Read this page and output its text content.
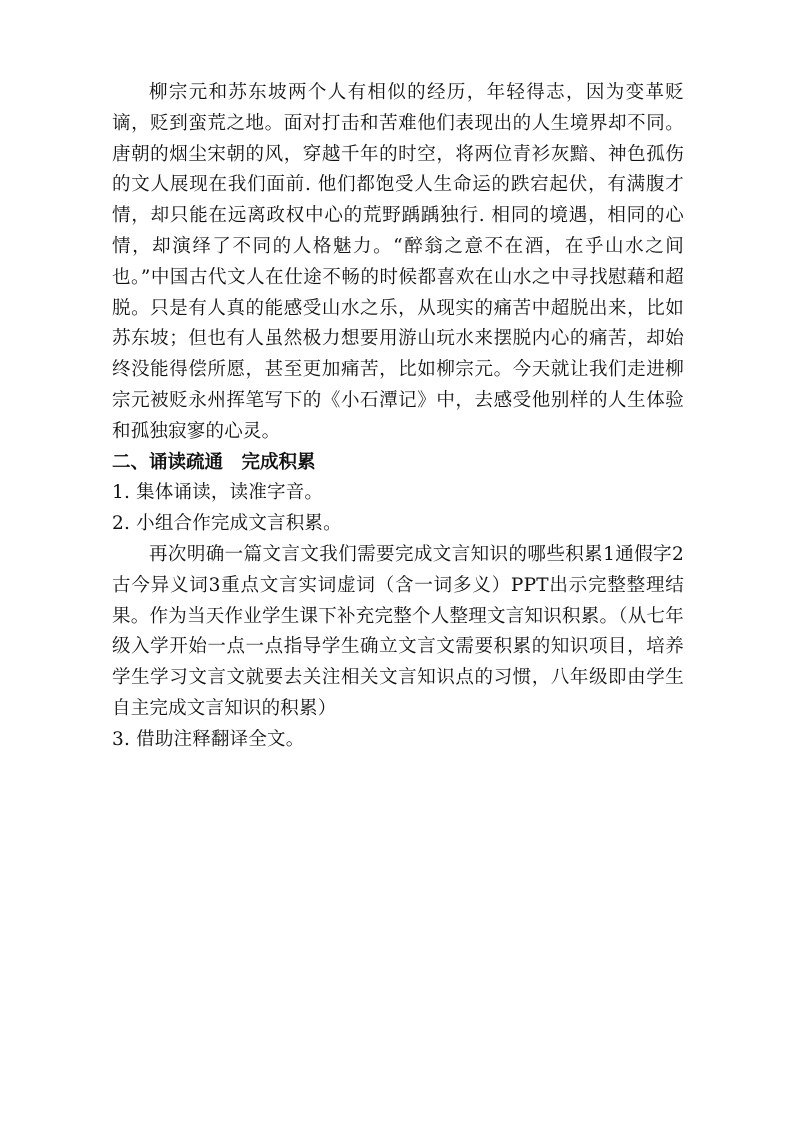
柳宗元和苏东坡两个人有相似的经历，年轻得志，因为变革贬谪，贬到蛮荒之地。面对打击和苦难他们表现出的人生境界却不同。唐朝的烟尘宋朝的风，穿越千年的时空，将两位青衫灰黯、神色孤伤的文人展现在我们面前. 他们都饱受人生命运的跌宕起伏，有满腹才情，却只能在远离政权中心的荒野踽踽独行. 相同的境遇，相同的心情，却演绎了不同的人格魅力。“醉翁之意不在酒，在乎山水之间也。”中国古代文人在仕途不畅的时候都喜欢在山水之中寻找慰藉和超脱。只是有人真的能感受山水之乐，从现实的痛苦中超脱出来，比如苏东坡；但也有人虽然极力想要用游山玩水来摆脱内心的痛苦，却始终没能得偿所愿，甚至更加痛苦，比如柳宗元。今天就让我们走进柳宗元被贬永州挥笔写下的《小石潭记》中，去感受他别样的人生体验和孤独寂寥的心灵。

二、诵读疏通　完成积累

1. 集体诵读，读准字音。

2. 小组合作完成文言积累。

再次明确一篇文言文我们需要完成文言知识的哪些积累1通假字2古今异义词3重点文言实词虚词（含一词多义）PPT出示完整整理结果。作为当天作业学生课下补充完整个人整理文言知识积累。（从七年级入学开始一点一点指导学生确立文言文需要积累的知识项目，培养学生学习文言文就要去关注相关文言知识点的习惯，八年级即由学生自主完成文言知识的积累）

3. 借助注释翻译全文。
